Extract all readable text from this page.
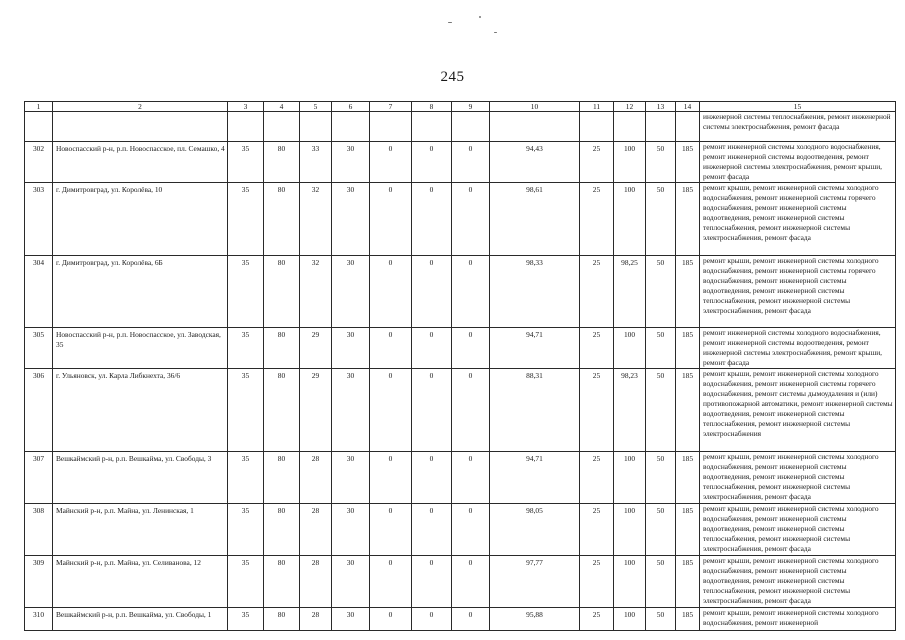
245
1	2	3	4	5	6	7	8	9	10	11	12	13	14	15
														инженерной системы теплоснабжения, ремонт инженерной системы электроснабжения, ремонт фасада
302	Новоспасский р-н, р.п. Новоспасское, пл. Семашко, 4	35	80	33	30	0	0	0	94,43	25	100	50	185	ремонт инженерной системы холодного водоснабжения, ремонт инженерной системы водоотведения, ремонт инженерной системы электроснабжения, ремонт крыши, ремонт фасада
303	г. Димитровград, ул. Королёва, 10	35	80	32	30	0	0	0	98,61	25	100	50	185	ремонт крыши, ремонт инженерной системы холодного водоснабжения, ремонт инженерной системы горячего водоснабжения, ремонт инженерной системы водоотведения, ремонт инженерной системы теплоснабжения, ремонт инженерной системы электроснабжения, ремонт фасада
304	г. Димитровград, ул. Королёва, 6Б	35	80	32	30	0	0	0	98,33	25	98,25	50	185	ремонт крыши, ремонт инженерной системы холодного водоснабжения, ремонт инженерной системы горячего водоснабжения, ремонт инженерной системы водоотведения, ремонт инженерной системы теплоснабжения, ремонт инженерной системы электроснабжения, ремонт фасада
305	Новоспасский р-н, р.п. Новоспасское, ул. Заводская, 35	35	80	29	30	0	0	0	94,71	25	100	50	185	ремонт инженерной системы холодного водоснабжения, ремонт инженерной системы водоотведения, ремонт инженерной системы электроснабжения, ремонт крыши, ремонт фасада
306	г. Ульяновск, ул. Карла Либкнехта, 36/6	35	80	29	30	0	0	0	88,31	25	98,23	50	185	ремонт крыши, ремонт инженерной системы холодного водоснабжения, ремонт инженерной системы горячего водоснабжения, ремонт системы дымоудаления и (или) противопожарной автоматики, ремонт инженерной системы водоотведения, ремонт инженерной системы теплоснабжения, ремонт инженерной системы электроснабжения
307	Вешкаймский р-н, р.п. Вешкайма, ул. Свободы, 3	35	80	28	30	0	0	0	94,71	25	100	50	185	ремонт крыши, ремонт инженерной системы холодного водоснабжения, ремонт инженерной системы водоотведения, ремонт инженерной системы теплоснабжения, ремонт инженерной системы электроснабжения, ремонт фасада
308	Майнский р-н, р.п. Майна, ул. Ленинская, 1	35	80	28	30	0	0	0	98,05	25	100	50	185	ремонт крыши, ремонт инженерной системы холодного водоснабжения, ремонт инженерной системы водоотведения, ремонт инженерной системы теплоснабжения, ремонт инженерной системы электроснабжения, ремонт фасада
309	Майнский р-н, р.п. Майна, ул. Селиванова, 12	35	80	28	30	0	0	0	97,77	25	100	50	185	ремонт крыши, ремонт инженерной системы холодного водоснабжения, ремонт инженерной системы водоотведения, ремонт инженерной системы теплоснабжения, ремонт инженерной системы электроснабжения, ремонт фасада
310	Вешкаймский р-н, р.п. Вешкайма, ул. Свободы, 1	35	80	28	30	0	0	0	95,88	25	100	50	185	ремонт крыши, ремонт инженерной системы холодного водоснабжения, ремонт инженерной
